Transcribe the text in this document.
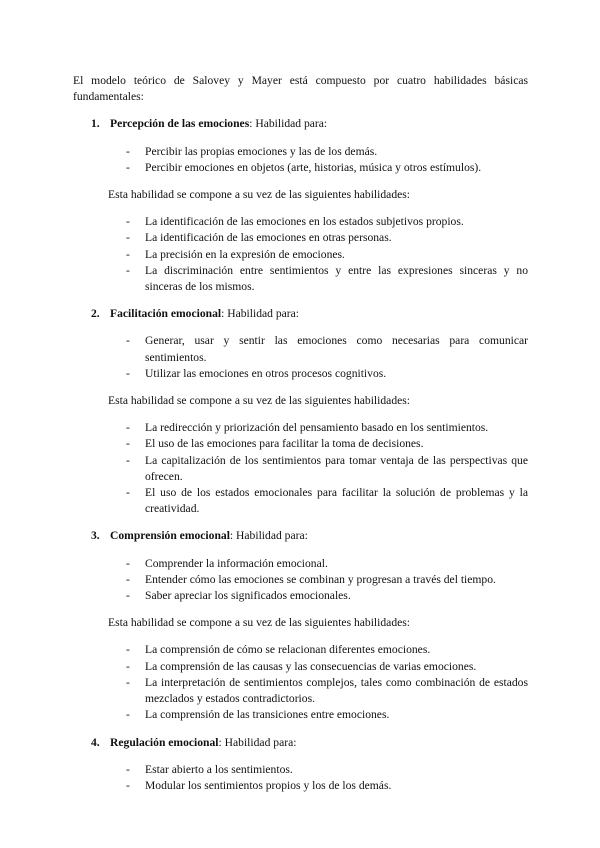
El modelo teórico de Salovey y Mayer está compuesto por cuatro habilidades básicas fundamentales:

1. Percepción de las emociones: Habilidad para:
- Percibir las propias emociones y las de los demás.
- Percibir emociones en objetos (arte, historias, música y otros estímulos).

Esta habilidad se compone a su vez de las siguientes habilidades:

- La identificación de las emociones en los estados subjetivos propios.
- La identificación de las emociones en otras personas.
- La precisión en la expresión de emociones.
- La discriminación entre sentimientos y entre las expresiones sinceras y no sinceras de los mismos.
2. Facilitación emocional: Habilidad para:
- Generar, usar y sentir las emociones como necesarias para comunicar sentimientos.
- Utilizar las emociones en otros procesos cognitivos.

Esta habilidad se compone a su vez de las siguientes habilidades:

- La redirección y priorización del pensamiento basado en los sentimientos.
- El uso de las emociones para facilitar la toma de decisiones.
- La capitalización de los sentimientos para tomar ventaja de las perspectivas que ofrecen.
- El uso de los estados emocionales para facilitar la solución de problemas y la creatividad.
3. Comprensión emocional: Habilidad para:
- Comprender la información emocional.
- Entender cómo las emociones se combinan y progresan a través del tiempo.
- Saber apreciar los significados emocionales.

Esta habilidad se compone a su vez de las siguientes habilidades:

- La comprensión de cómo se relacionan diferentes emociones.
- La comprensión de las causas y las consecuencias de varias emociones.
- La interpretación de sentimientos complejos, tales como combinación de estados mezclados y estados contradictorios.
- La comprensión de las transiciones entre emociones.
4. Regulación emocional: Habilidad para:
- Estar abierto a los sentimientos.
- Modular los sentimientos propios y los de los demás.
